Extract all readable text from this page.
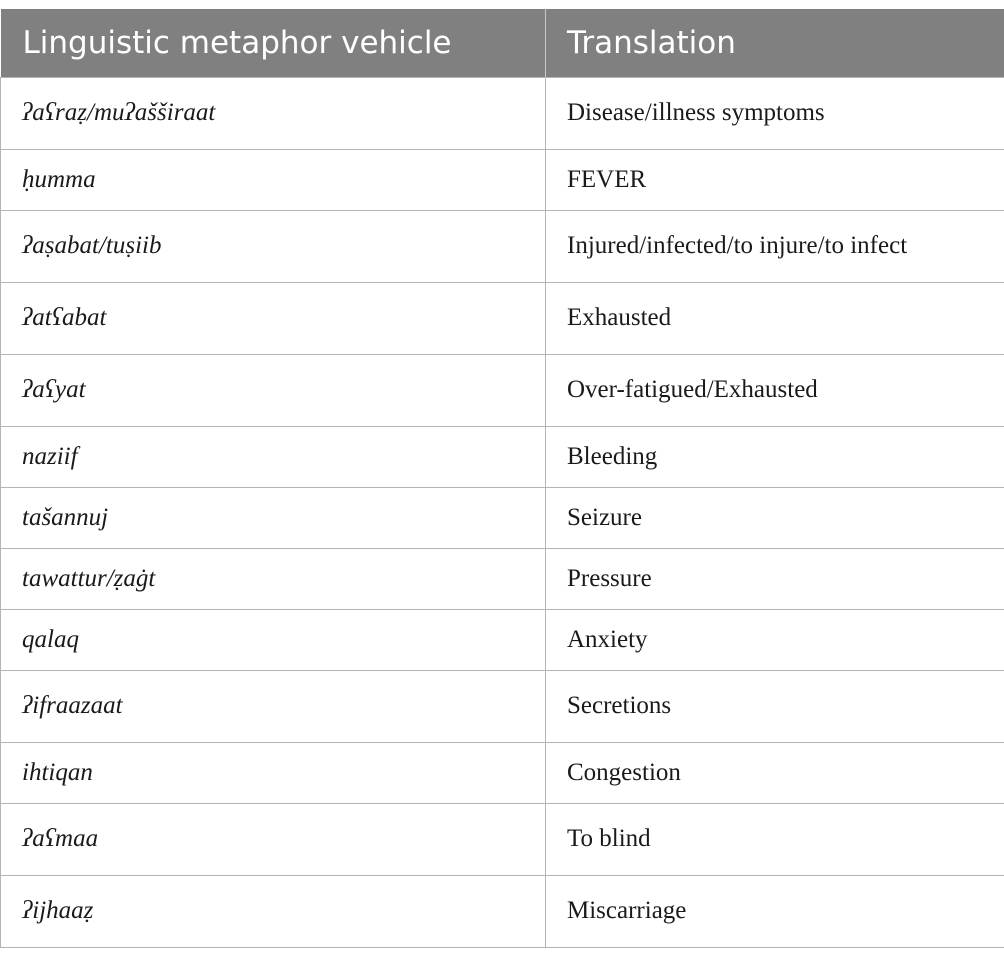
Linguistic metaphor vehicle	Translation
ʔaʕraẓ/muʔašširaat	Disease/illness symptoms
ḥumma	FEVER
ʔaṣabat/tuṣiib	Injured/infected/to injure/to infect
ʔatʕabat	Exhausted
ʔaʕyat	Over-fatigued/Exhausted
naziif	Bleeding
tašannuj	Seizure
tawattur/ẓaġt	Pressure
qalaq	Anxiety
ʔifraazaat	Secretions
ihtiqan	Congestion
ʔaʕmaa	To blind
ʔijhaaẓ	Miscarriage
